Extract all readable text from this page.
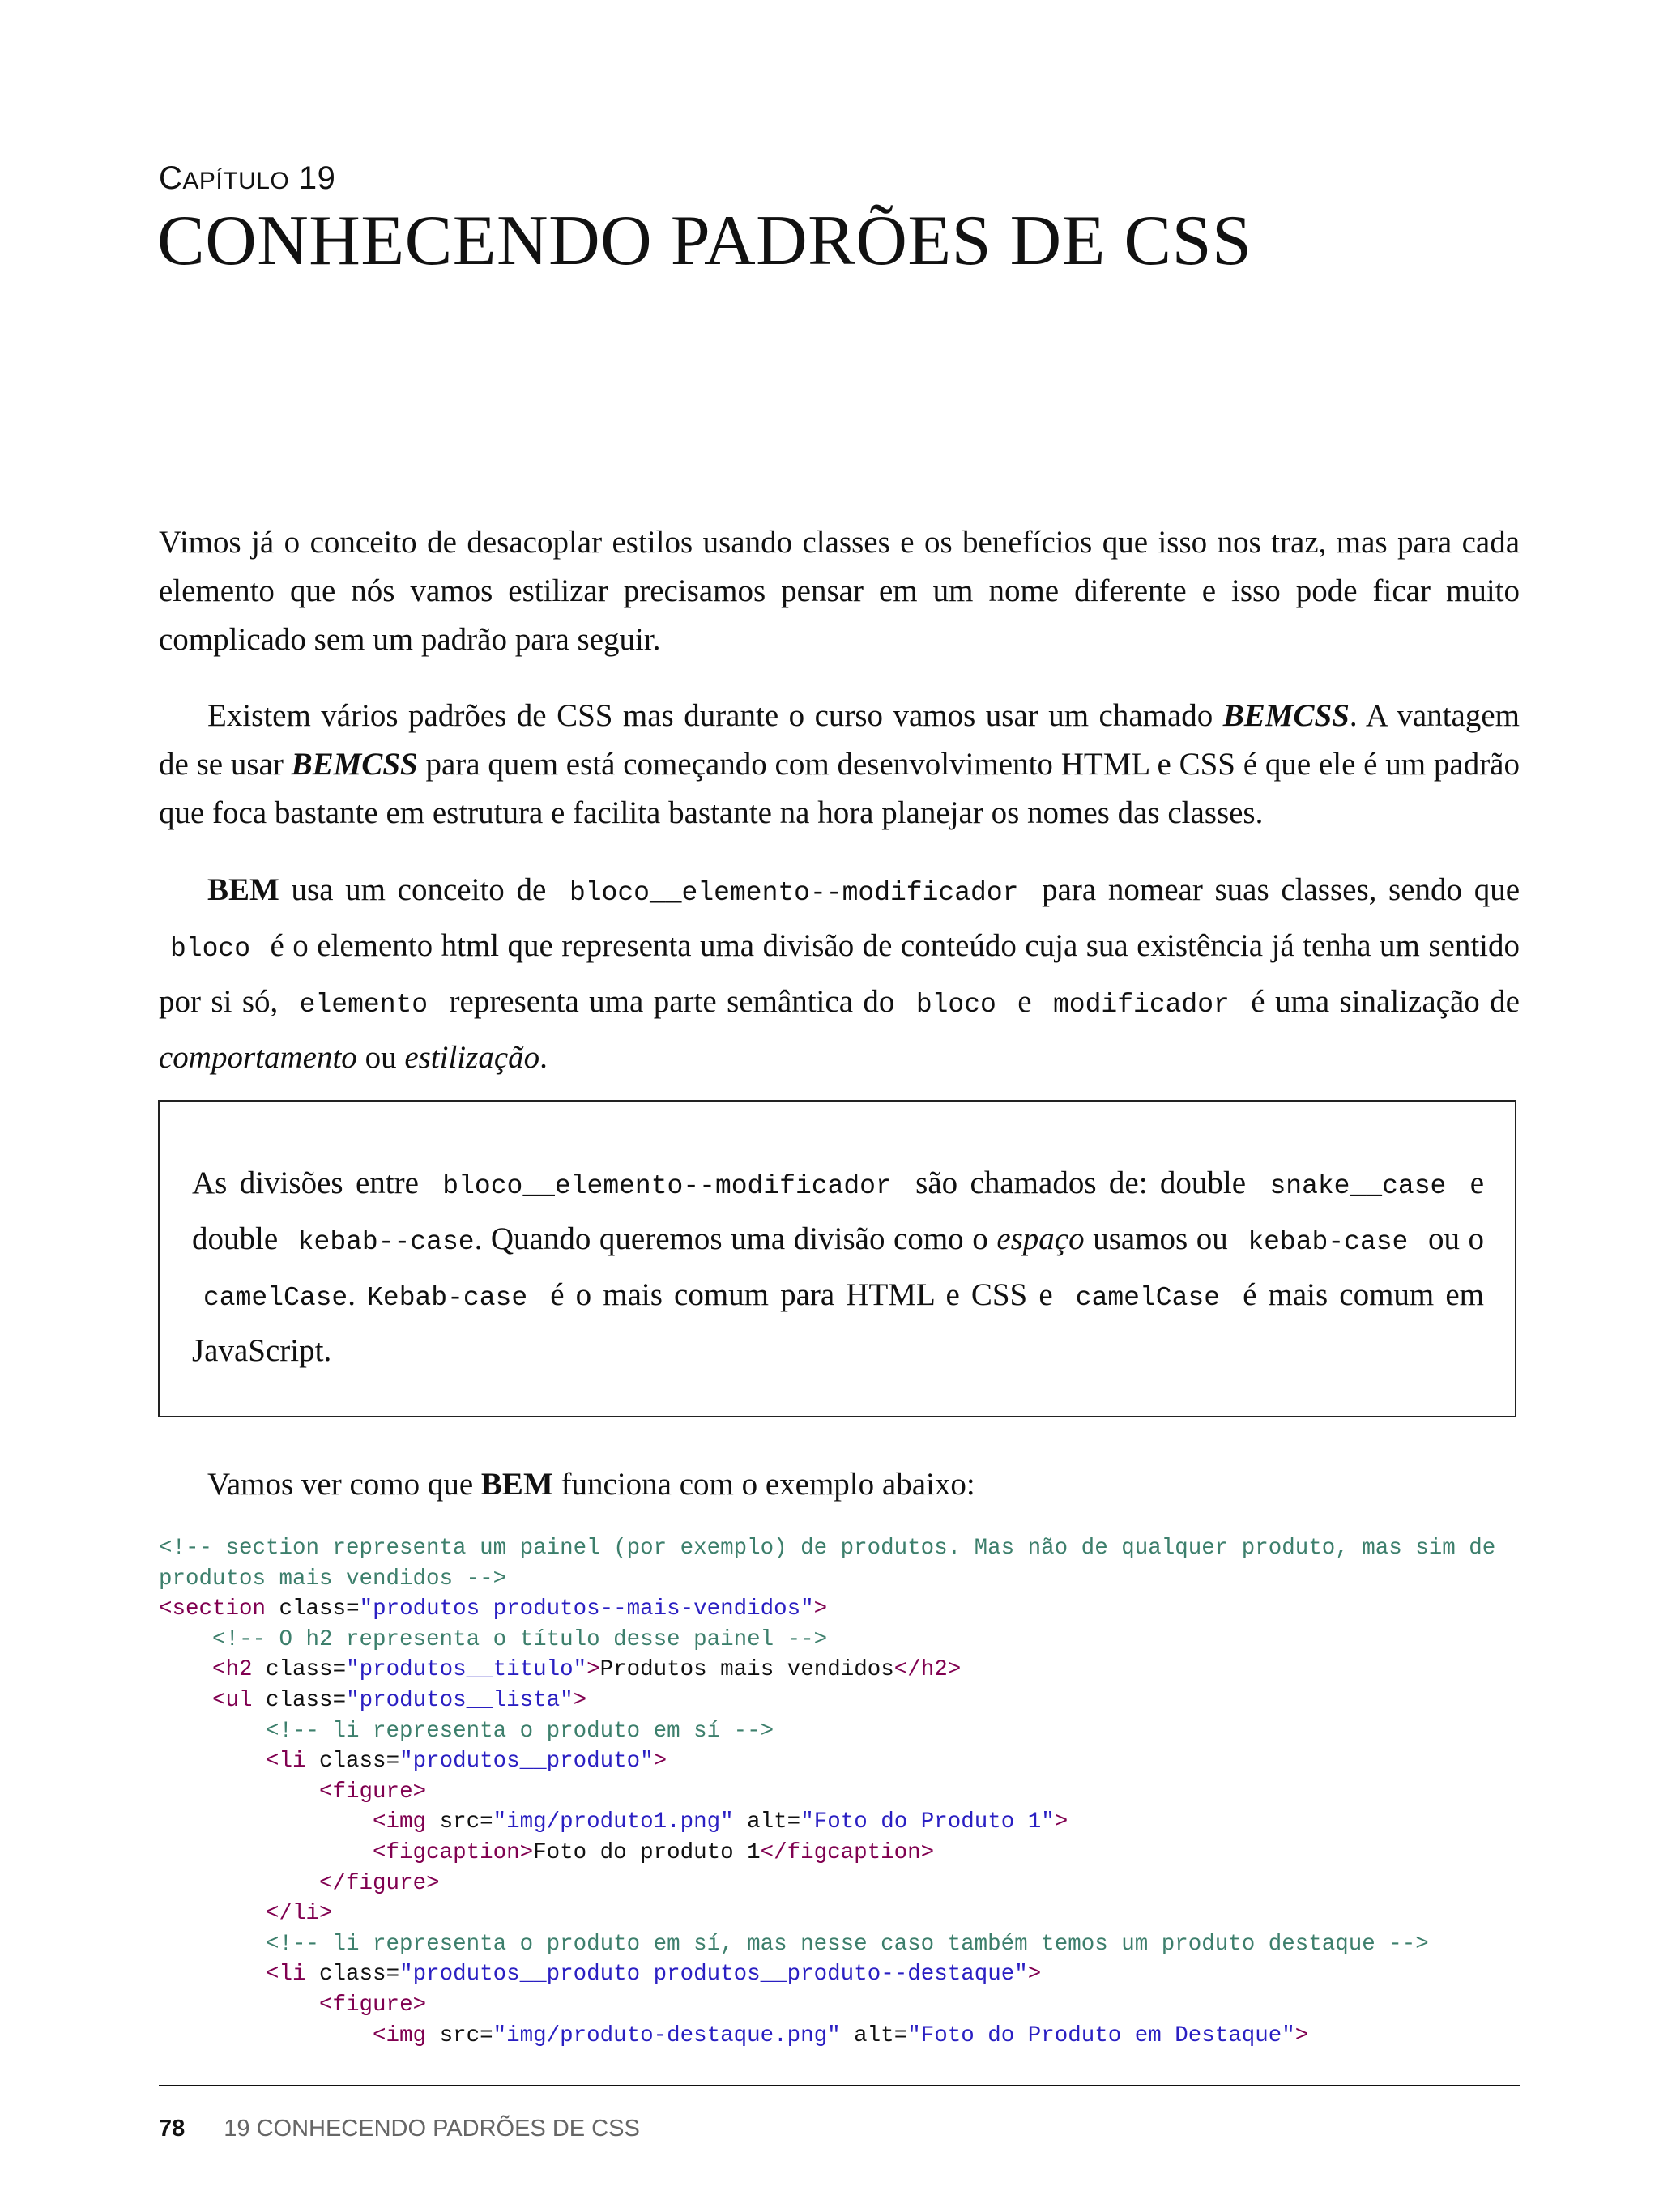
CAPÍTULO 19
CONHECENDO PADRÕES DE CSS

Vimos já o conceito de desacoplar estilos usando classes e os benefícios que isso nos traz, mas para cada elemento que nós vamos estilizar precisamos pensar em um nome diferente e isso pode ficar muito complicado sem um padrão para seguir.

Existem vários padrões de CSS mas durante o curso vamos usar um chamado BEMCSS. A vantagem de se usar BEMCSS para quem está começando com desenvolvimento HTML e CSS é que ele é um padrão que foca bastante em estrutura e facilita bastante na hora planejar os nomes das classes.

BEM usa um conceito de bloco__elemento--modificador para nomear suas classes, sendo que bloco é o elemento html que representa uma divisão de conteúdo cuja sua existência já tenha um sentido por si só, elemento representa uma parte semântica do bloco e modificador é uma sinalização de comportamento ou estilização.

As divisões entre bloco__elemento--modificador são chamados de: double snake__case e double kebab--case. Quando queremos uma divisão como o espaço usamos ou kebab-case ou o camelCase. Kebab-case é o mais comum para HTML e CSS e camelCase é mais comum em JavaScript.

Vamos ver como que BEM funciona com o exemplo abaixo:
<!-- section representa um painel (por exemplo) de produtos. Mas não de qualquer produto, mas sim de
produtos mais vendidos -->
<section class="produtos produtos--mais-vendidos">
<!-- O h2 representa o título desse painel -->
<h2 class="produtos__titulo">Produtos mais vendidos</h2>
<ul class="produtos__lista">
<!-- li representa o produto em sí -->
<li class="produtos__produto">
<figure>
<img src="img/produto1.png" alt="Foto do Produto 1">
<figcaption>Foto do produto 1</figcaption>
</figure>
</li>
<!-- li representa o produto em sí, mas nesse caso também temos um produto destaque -->
<li class="produtos__produto produtos__produto--destaque">
<figure>
<img src="img/produto-destaque.png" alt="Foto do Produto em Destaque">
78 19 CONHECENDO PADRÕES DE CSS
